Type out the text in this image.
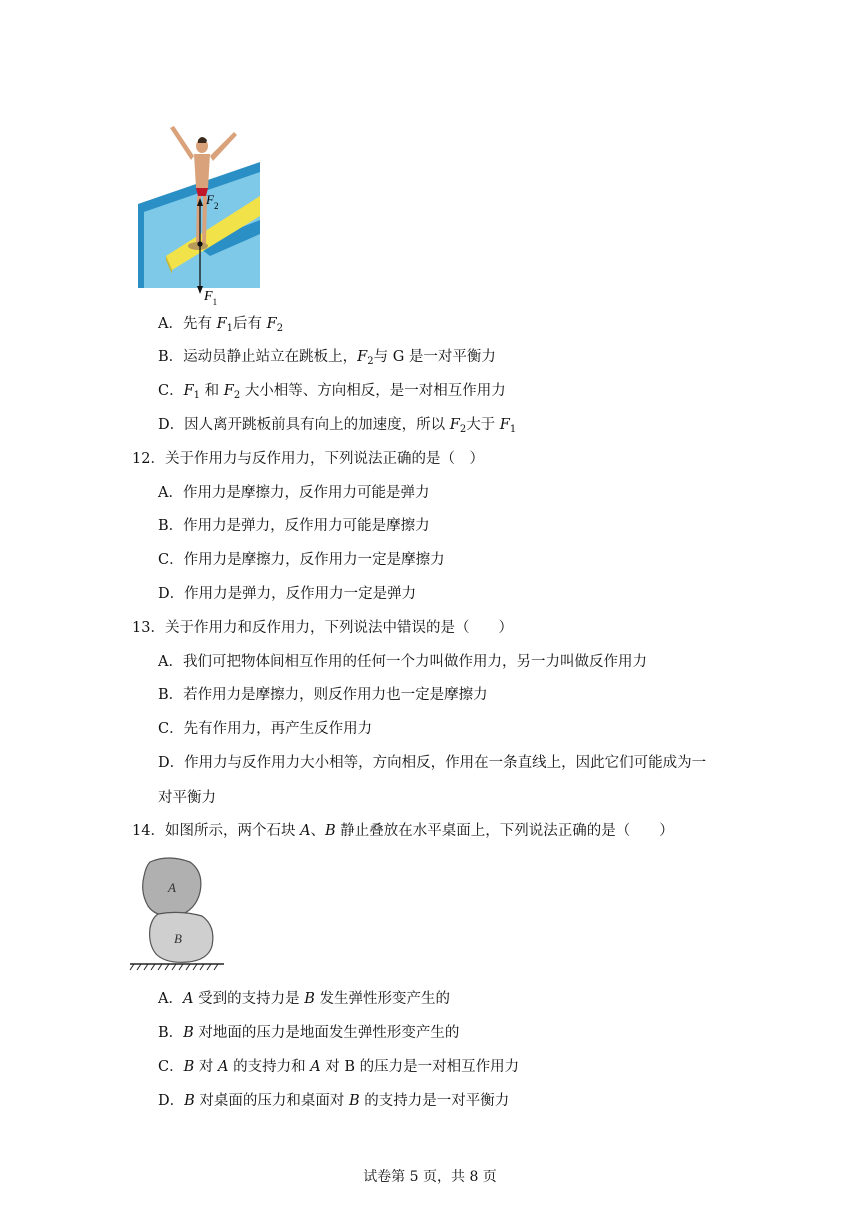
$F_2$
$F_1$
A．先有 $F_1$后有 $F_2$
B．运动员静止站立在跳板上，$F_2$与 G 是一对平衡力
C．$F_1$ 和 $F_2$ 大小相等、方向相反，是一对相互作用力
D．因人离开跳板前具有向上的加速度，所以 $F_2$大于 $F_1$
12．关于作用力与反作用力，下列说法正确的是（　）
A．作用力是摩擦力，反作用力可能是弹力
B．作用力是弹力，反作用力可能是摩擦力
C．作用力是摩擦力，反作用力一定是摩擦力
D．作用力是弹力，反作用力一定是弹力
13．关于作用力和反作用力，下列说法中错误的是（　　）
A．我们可把物体间相互作用的任何一个力叫做作用力，另一力叫做反作用力
B．若作用力是摩擦力，则反作用力也一定是摩擦力
C．先有作用力，再产生反作用力
D．作用力与反作用力大小相等，方向相反，作用在一条直线上，因此它们可能成为一
对平衡力
14．如图所示，两个石块 A、B 静止叠放在水平桌面上，下列说法正确的是（　　）
A
B
A．A 受到的支持力是 B 发生弹性形变产生的
B．B 对地面的压力是地面发生弹性形变产生的
C．B 对 A 的支持力和 A 对 B 的压力是一对相互作用力
D．B 对桌面的压力和桌面对 B 的支持力是一对平衡力
试卷第 5 页，共 8 页
